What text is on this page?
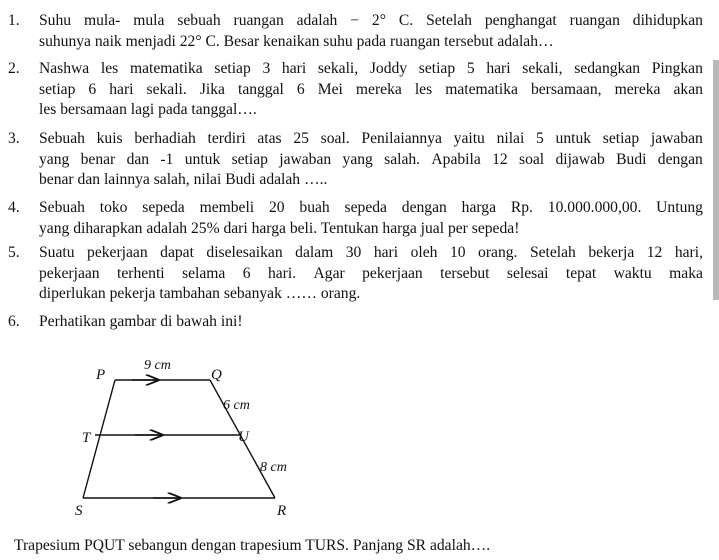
1.	Suhu mula- mula sebuah ruangan adalah − 2° C. Setelah penghangat ruangan dihidupkan
suhunya naik menjadi 22° C. Besar kenaikan suhu pada ruangan tersebut adalah…
2.	Nashwa les matematika setiap 3 hari sekali, Joddy setiap 5 hari sekali, sedangkan Pingkan
setiap 6 hari sekali. Jika tanggal 6 Mei mereka les matematika bersamaan, mereka akan
les bersamaan lagi pada tanggal….
3.	Sebuah kuis berhadiah terdiri atas 25 soal. Penilaiannya yaitu nilai 5 untuk setiap jawaban
yang benar dan -1 untuk setiap jawaban yang salah. Apabila 12 soal dijawab Budi dengan
benar dan lainnya salah, nilai Budi adalah …..
4.	Sebuah toko sepeda membeli 20 buah sepeda dengan harga Rp. 10.000.000,00. Untung
yang diharapkan adalah 25% dari harga beli. Tentukan harga jual per sepeda!
5.	Suatu pekerjaan dapat diselesaikan dalam 30 hari oleh 10 orang. Setelah bekerja 12 hari,
pekerjaan terhenti selama 6 hari. Agar pekerjaan tersebut selesai tepat waktu maka
diperlukan pekerja tambahan sebanyak …… orang.
6.	Perhatikan gambar di bawah ini!
P	Q
T	U
S	R
9 cm
6 cm
8 cm
Trapesium PQUT sebangun dengan trapesium TURS. Panjang SR adalah….
